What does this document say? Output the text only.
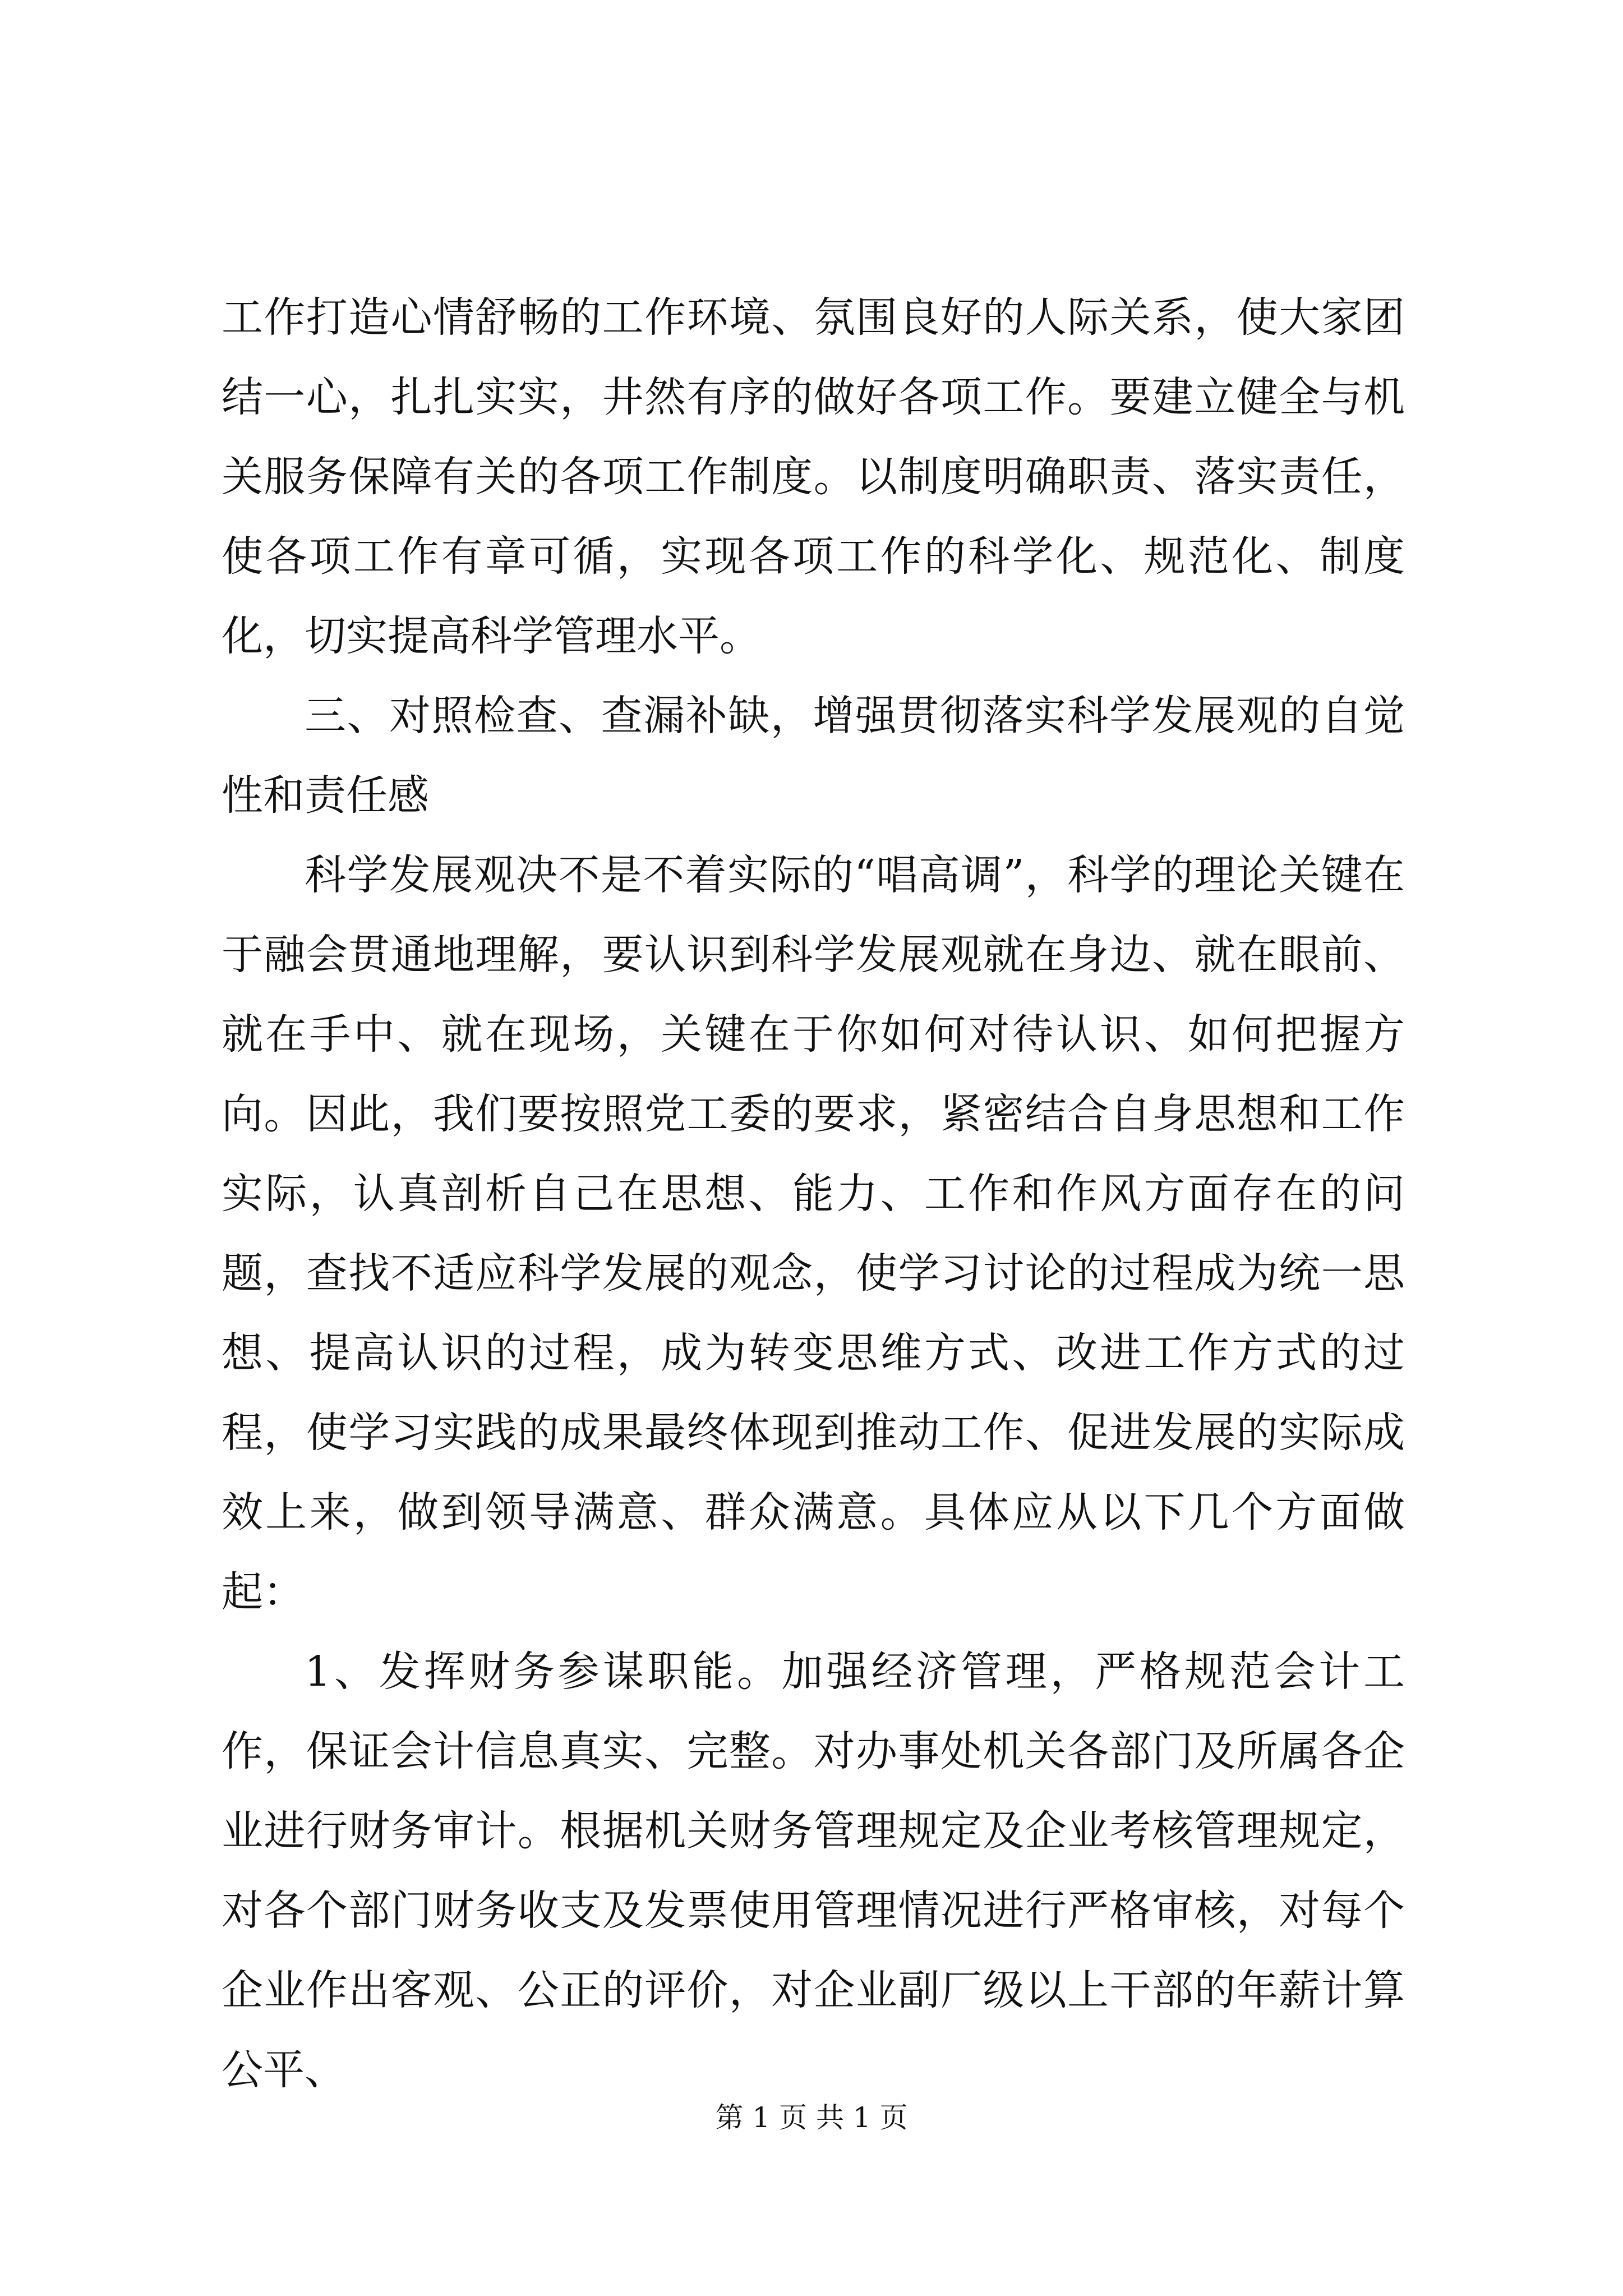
工作打造心情舒畅的工作环境、氛围良好的人际关系，使大家团结一心，扎扎实实，井然有序的做好各项工作。要建立健全与机关服务保障有关的各项工作制度。以制度明确职责、落实责任，使各项工作有章可循，实现各项工作的科学化、规范化、制度化，切实提高科学管理水平。

三、对照检查、查漏补缺，增强贯彻落实科学发展观的自觉性和责任感

科学发展观决不是不着实际的“唱高调”，科学的理论关键在于融会贯通地理解，要认识到科学发展观就在身边、就在眼前、就在手中、就在现场，关键在于你如何对待认识、如何把握方向。因此，我们要按照党工委的要求，紧密结合自身思想和工作实际，认真剖析自己在思想、能力、工作和作风方面存在的问题，查找不适应科学发展的观念，使学习讨论的过程成为统一思想、提高认识的过程，成为转变思维方式、改进工作方式的过程，使学习实践的成果最终体现到推动工作、促进发展的实际成效上来，做到领导满意、群众满意。具体应从以下几个方面做起：

1、发挥财务参谋职能。加强经济管理，严格规范会计工作，保证会计信息真实、完整。对办事处机关各部门及所属各企业进行财务审计。根据机关财务管理规定及企业考核管理规定，对各个部门财务收支及发票使用管理情况进行严格审核，对每个企业作出客观、公正的评价，对企业副厂级以上干部的年薪计算公平、

第 1 页 共 1 页
